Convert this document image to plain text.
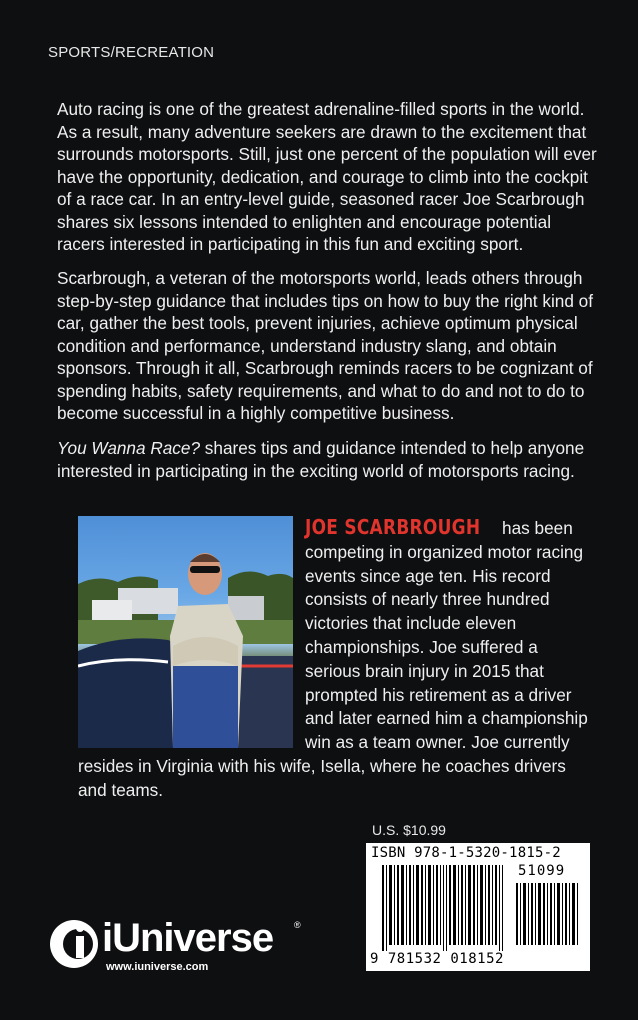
SPORTS/RECREATION

Auto racing is one of the greatest adrenaline-filled sports in the world. As a result, many adventure seekers are drawn to the excitement that surrounds motorsports. Still, just one percent of the population will ever have the opportunity, dedication, and courage to climb into the cockpit of a race car. In an entry-level guide, seasoned racer Joe Scarbrough shares six lessons intended to enlighten and encourage potential racers interested in participating in this fun and exciting sport.

Scarbrough, a veteran of the motorsports world, leads others through step-by-step guidance that includes tips on how to buy the right kind of car, gather the best tools, prevent injuries, achieve optimum physical condition and performance, understand industry slang, and obtain sponsors. Through it all, Scarbrough reminds racers to be cognizant of spending habits, safety requirements, and what to do and not to do to become successful in a highly competitive business.

You Wanna Race? shares tips and guidance intended to help anyone interested in participating in the exciting world of motorsports racing.

JOE SCARBROUGH has been competing in organized motor racing events since age ten. His record consists of nearly three hundred victories that include eleven championships. Joe suffered a serious brain injury in 2015 that prompted his retirement as a driver and later earned him a championship win as a team owner. Joe currently resides in Virginia with his wife, Isella, where he coaches drivers and teams.
U.S. $10.99
ISBN 978-1-5320-1815-2
51099
9 781532 018152
iUniverse ®
www.iuniverse.com
